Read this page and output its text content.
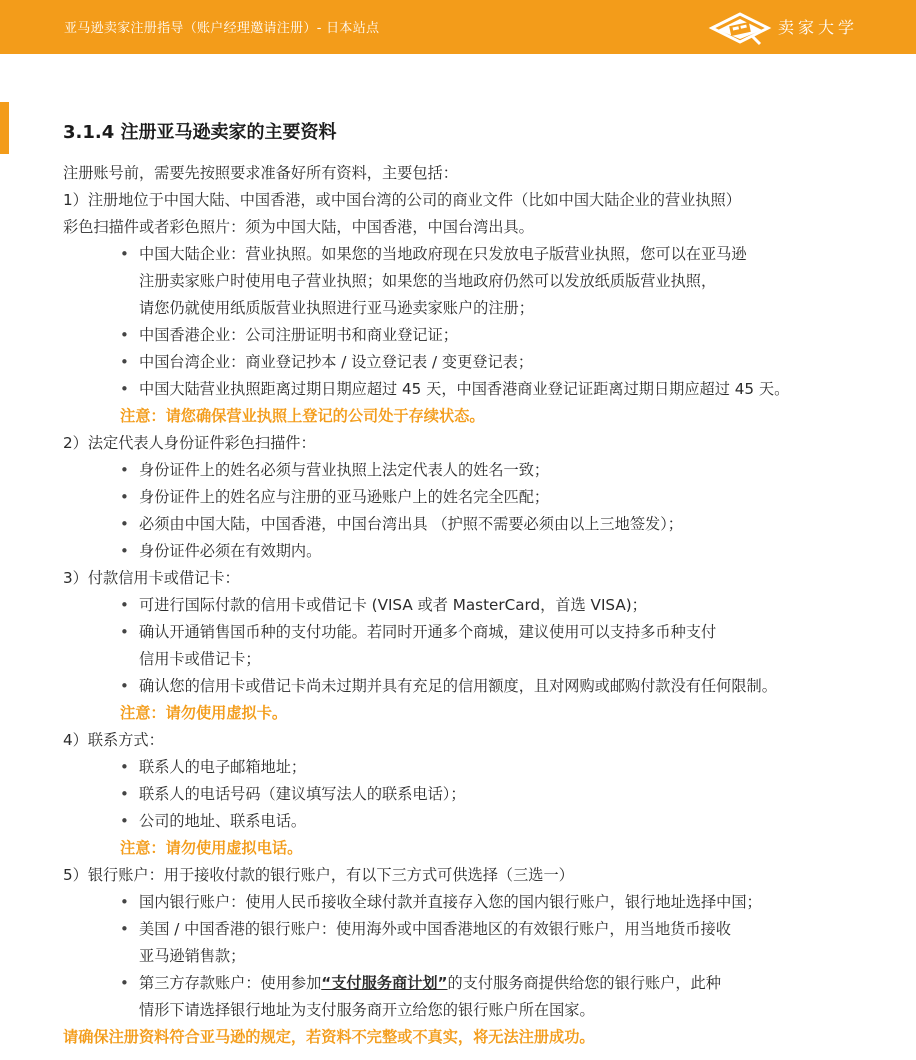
亚马逊卖家注册指导（账户经理邀请注册）- 日本站点	卖家大学
3.1.4 注册亚马逊卖家的主要资料
注册账号前，需要先按照要求准备好所有资料，主要包括：
1）注册地位于中国大陆、中国香港，或中国台湾的公司的商业文件（比如中国大陆企业的营业执照）
彩色扫描件或者彩色照片：须为中国大陆，中国香港，中国台湾出具。
• 中国大陆企业：营业执照。如果您的当地政府现在只发放电子版营业执照，您可以在亚马逊
注册卖家账户时使用电子营业执照；如果您的当地政府仍然可以发放纸质版营业执照，
请您仍就使用纸质版营业执照进行亚马逊卖家账户的注册；
• 中国香港企业：公司注册证明书和商业登记证；
• 中国台湾企业：商业登记抄本 / 设立登记表 / 变更登记表；
• 中国大陆营业执照距离过期日期应超过 45 天，中国香港商业登记证距离过期日期应超过 45 天。
注意：请您确保营业执照上登记的公司处于存续状态。
2）法定代表人身份证件彩色扫描件：
• 身份证件上的姓名必须与营业执照上法定代表人的姓名一致；
• 身份证件上的姓名应与注册的亚马逊账户上的姓名完全匹配；
• 必须由中国大陆，中国香港，中国台湾出具 （护照不需要必须由以上三地签发）；
• 身份证件必须在有效期内。
3）付款信用卡或借记卡：
• 可进行国际付款的信用卡或借记卡 (VISA 或者 MasterCard，首选 VISA)；
• 确认开通销售国币种的支付功能。若同时开通多个商城，建议使用可以支持多币种支付
信用卡或借记卡；
• 确认您的信用卡或借记卡尚未过期并具有充足的信用额度，且对网购或邮购付款没有任何限制。
注意：请勿使用虚拟卡。
4）联系方式：
• 联系人的电子邮箱地址；
• 联系人的电话号码（建议填写法人的联系电话）；
• 公司的地址、联系电话。
注意：请勿使用虚拟电话。
5）银行账户：用于接收付款的银行账户，有以下三方式可供选择（三选一）
• 国内银行账户：使用人民币接收全球付款并直接存入您的国内银行账户，银行地址选择中国；
• 美国 / 中国香港的银行账户：使用海外或中国香港地区的有效银行账户，用当地货币接收
亚马逊销售款；
• 第三方存款账户：使用参加“支付服务商计划”的支付服务商提供给您的银行账户，此种
情形下请选择银行地址为支付服务商开立给您的银行账户所在国家。
请确保注册资料符合亚马逊的规定，若资料不完整或不真实，将无法注册成功。
